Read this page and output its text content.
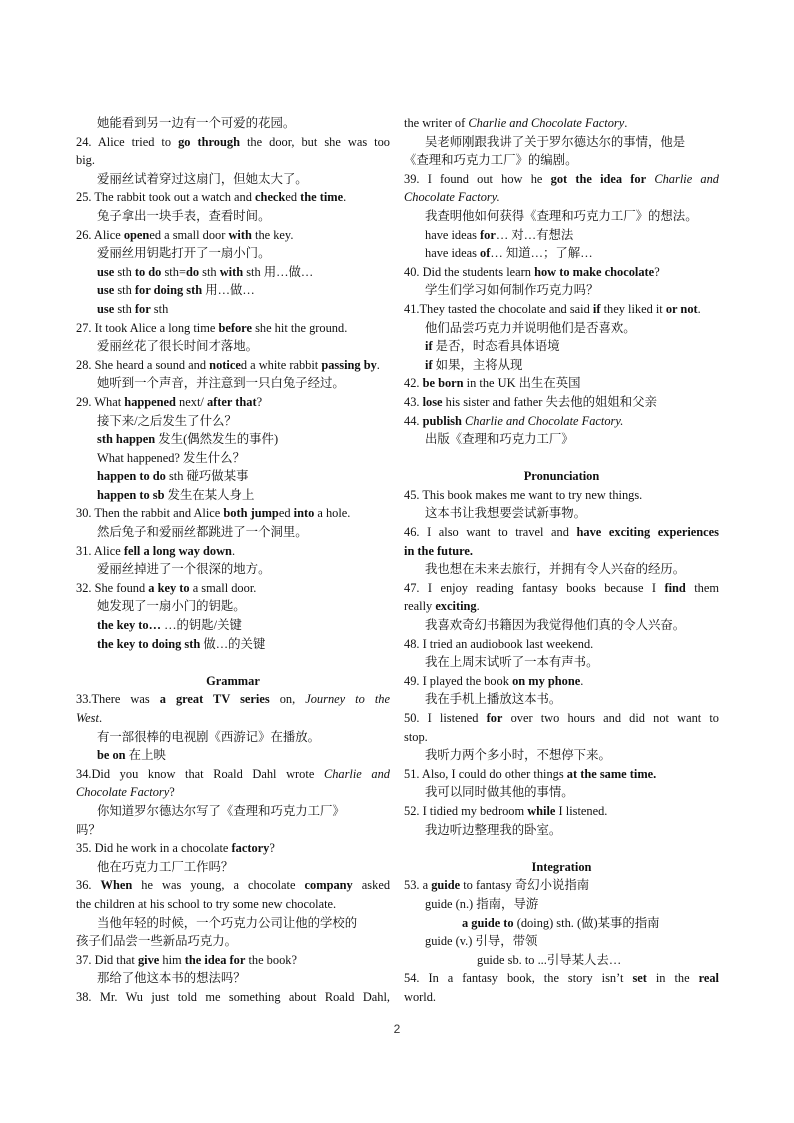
她能看到另一边有一个可爱的花园。
24. Alice tried to go through the door, but she was too
big.
爱丽丝试着穿过这扇门，但她太大了。
25. The rabbit took out a watch and checked the time.
兔子拿出一块手表，查看时间。
26. Alice opened a small door with the key.
爱丽丝用钥匙打开了一扇小门。
use sth to do sth=do sth with sth 用…做…
use sth for doing sth 用…做…
use sth for sth
27. It took Alice a long time before she hit the ground.
爱丽丝花了很长时间才落地。
28. She heard a sound and noticed a white rabbit passing by.
她听到一个声音，并注意到一只白兔子经过。
29. What happened next/ after that?
接下来/之后发生了什么？
sth happen 发生(偶然发生的事件)
What happened? 发生什么？
happen to do sth 碰巧做某事
happen to sb 发生在某人身上
30. Then the rabbit and Alice both jumped into a hole.
然后兔子和爱丽丝都跳进了一个洞里。
31. Alice fell a long way down.
爱丽丝掉进了一个很深的地方。
32. She found a key to a small door.
她发现了一扇小门的钥匙。
the key to… …的钥匙/关键
the key to doing sth 做…的关键
Grammar
33.There was a great TV series on, Journey to the
West.
有一部很棒的电视剧《西游记》在播放。
be on 在上映
34.Did you know that Roald Dahl wrote Charlie and
Chocolate Factory?
你知道罗尔德达尔写了《查理和巧克力工厂》
吗？
35. Did he work in a chocolate factory?
他在巧克力工厂工作吗？
36. When he was young, a chocolate company asked
the children at his school to try some new chocolate.
当他年轻的时候，一个巧克力公司让他的学校的
孩子们品尝一些新品巧克力。
37. Did that give him the idea for the book?
那给了他这本书的想法吗？
38. Mr. Wu just told me something about Roald Dahl,
the writer of Charlie and Chocolate Factory.
吴老师刚跟我讲了关于罗尔德达尔的事情，他是
《查理和巧克力工厂》的编剧。
39. I found out how he got the idea for Charlie and
Chocolate Factory.
我查明他如何获得《查理和巧克力工厂》的想法。
have ideas for… 对…有想法
have ideas of… 知道…；了解…
40. Did the students learn how to make chocolate?
学生们学习如何制作巧克力吗？
41.They tasted the chocolate and said if they liked it or not.
他们品尝巧克力并说明他们是否喜欢。
if 是否，时态看具体语境
if 如果，主将从现
42. be born in the UK 出生在英国
43. lose his sister and father 失去他的姐姐和父亲
44. publish Charlie and Chocolate Factory.
出版《查理和巧克力工厂》
Pronunciation
45. This book makes me want to try new things.
这本书让我想要尝试新事物。
46. I also want to travel and have exciting experiences
in the future.
我也想在未来去旅行，并拥有令人兴奋的经历。
47. I enjoy reading fantasy books because I find them
really exciting.
我喜欢奇幻书籍因为我觉得他们真的令人兴奋。
48. I tried an audiobook last weekend.
我在上周末试听了一本有声书。
49. I played the book on my phone.
我在手机上播放这本书。
50. I listened for over two hours and did not want to
stop.
我听力两个多小时，不想停下来。
51. Also, I could do other things at the same time.
我可以同时做其他的事情。
52. I tidied my bedroom while I listened.
我边听边整理我的卧室。
Integration
53. a guide to fantasy 奇幻小说指南
guide (n.) 指南，导游
a guide to (doing) sth. (做)某事的指南
guide (v.) 引导，带领
guide sb. to ...引导某人去…
54. In a fantasy book, the story isn’t set in the real
world.
2
